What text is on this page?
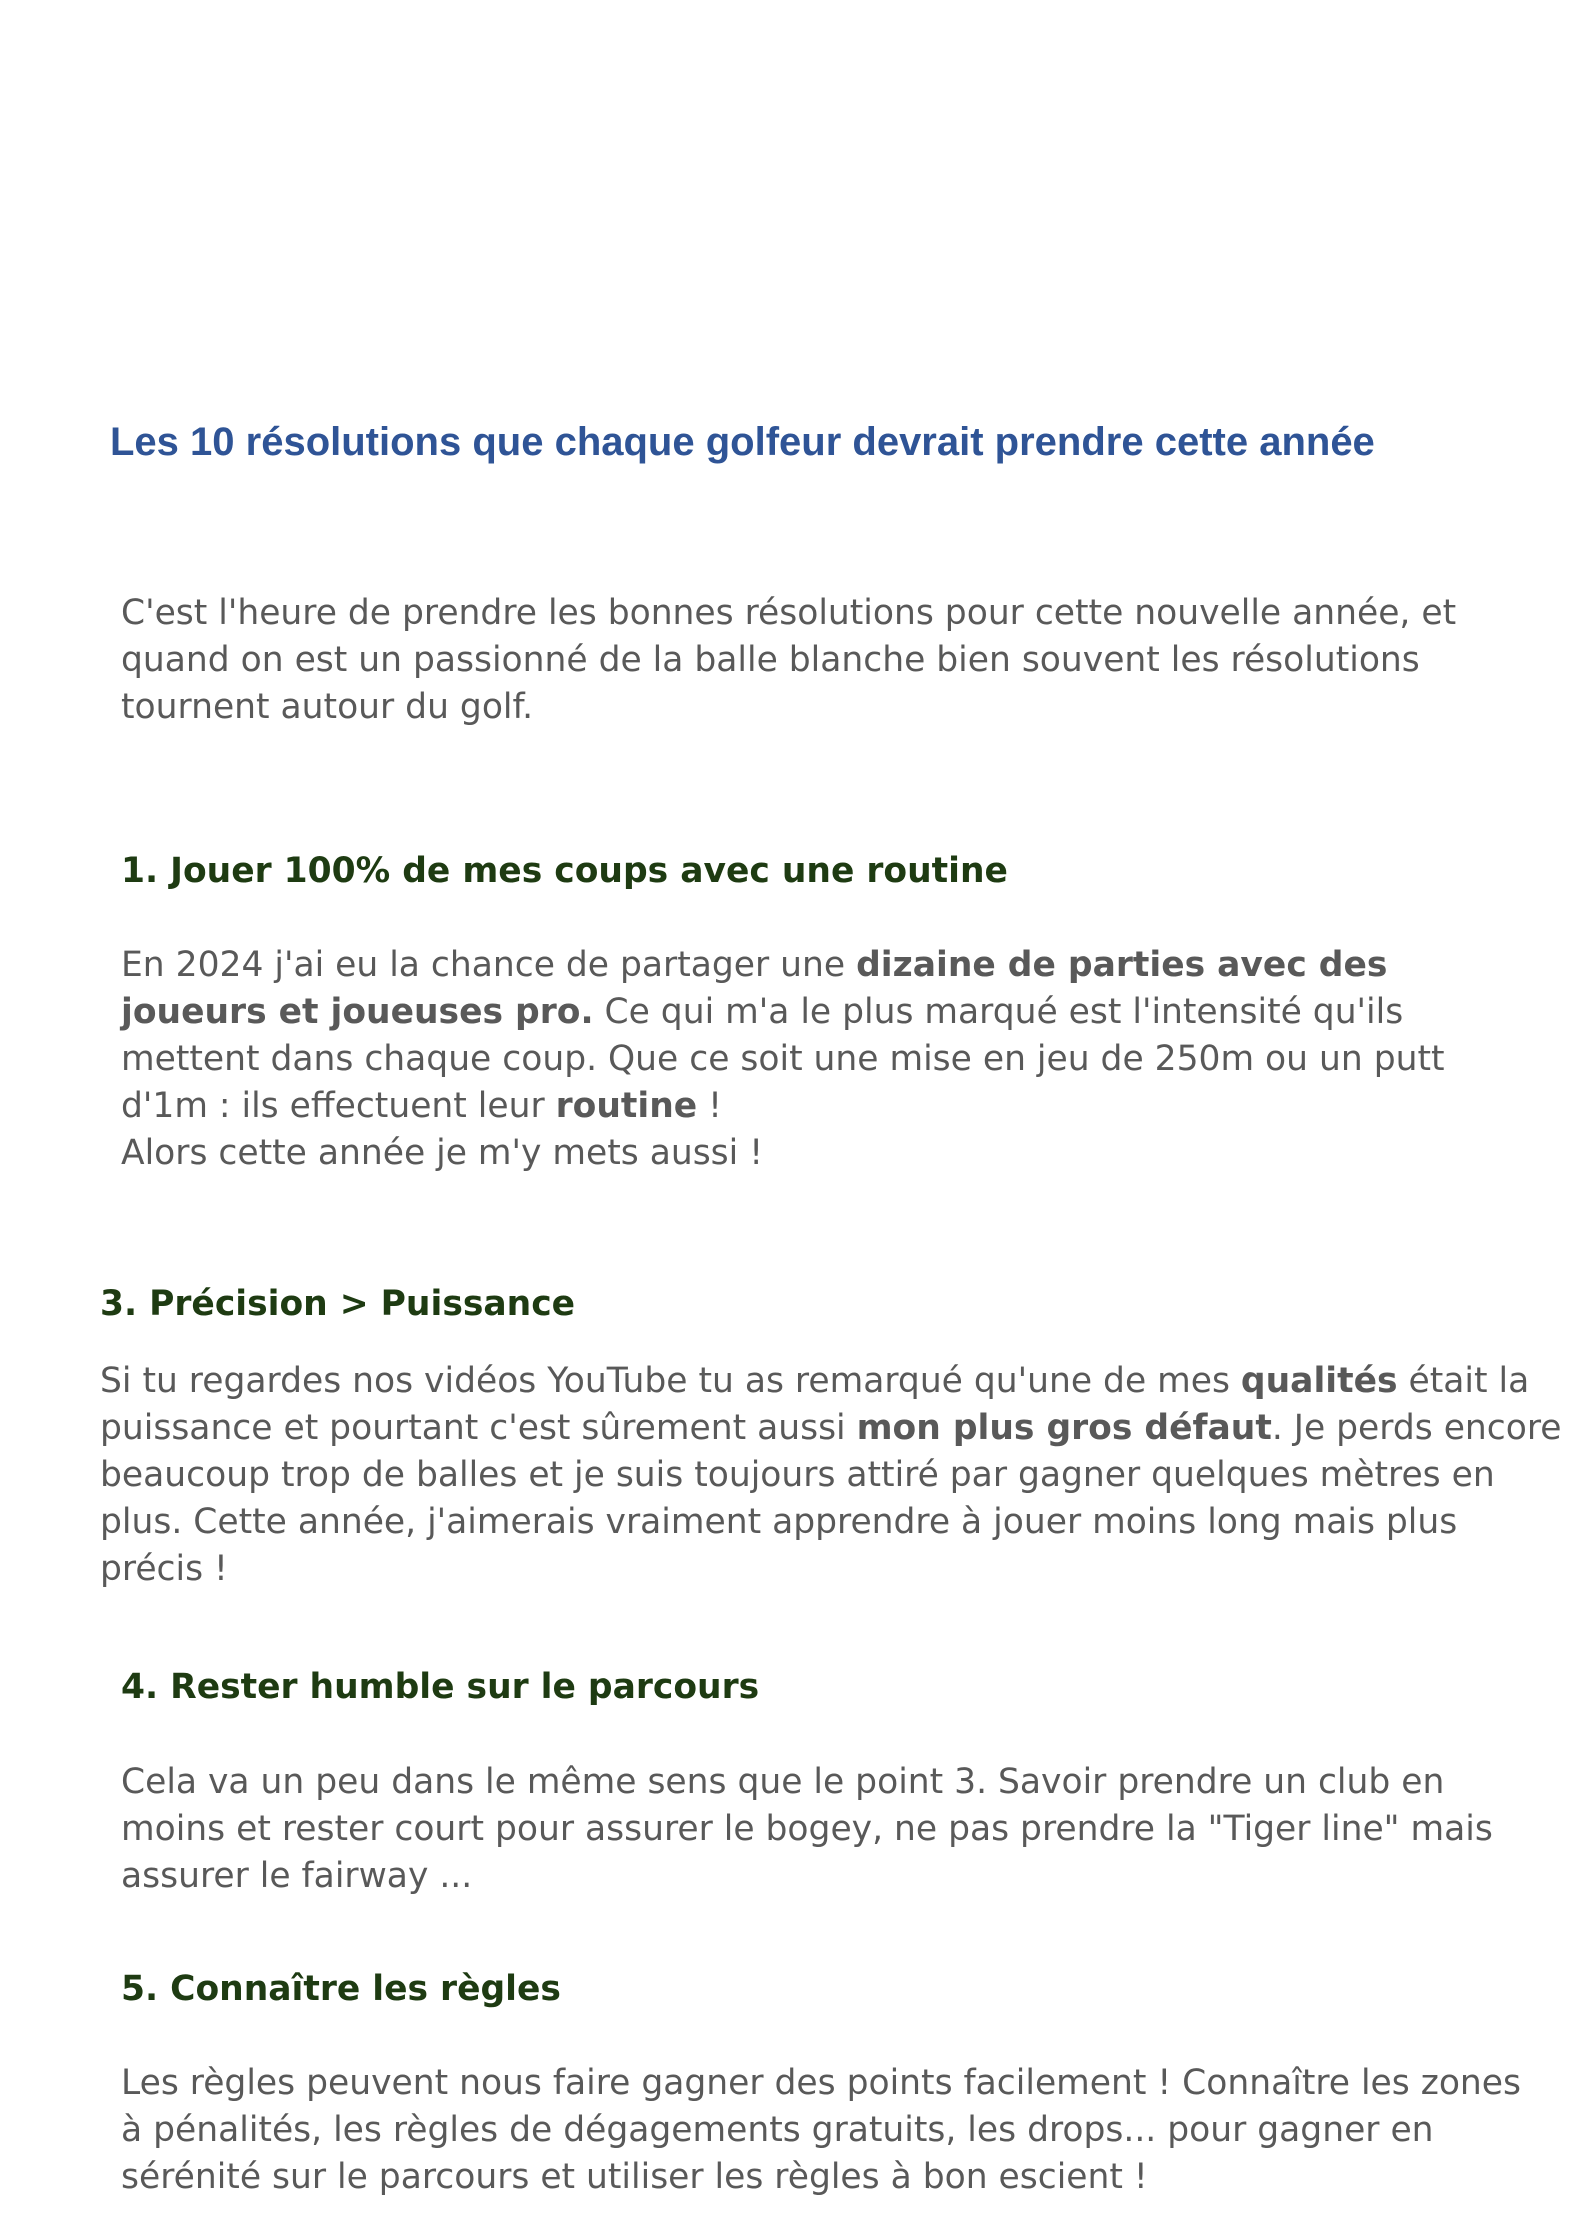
Les 10 résolutions que chaque golfeur devrait prendre cette année

C'est l'heure de prendre les bonnes résolutions pour cette nouvelle année, et
quand on est un passionné de la balle blanche bien souvent les résolutions
tournent autour du golf.

1. Jouer 100% de mes coups avec une routine

En 2024 j'ai eu la chance de partager une dizaine de parties avec des joueurs et joueuses pro. Ce qui m'a le plus marqué est l'intensité qu'ils mettent dans chaque coup. Que ce soit une mise en jeu de 250m ou un putt d'1m : ils effectuent leur routine !
Alors cette année je m'y mets aussi !

3. Précision > Puissance

Si tu regardes nos vidéos YouTube tu as remarqué qu'une de mes qualités était la puissance et pourtant c'est sûrement aussi mon plus gros défaut. Je perds encore beaucoup trop de balles et je suis toujours attiré par gagner quelques mètres en plus. Cette année, j'aimerais vraiment apprendre à jouer moins long mais plus précis !

4. Rester humble sur le parcours

Cela va un peu dans le même sens que le point 3. Savoir prendre un club en moins et rester court pour assurer le bogey, ne pas prendre la "Tiger line" mais assurer le fairway ...

5. Connaître les règles

Les règles peuvent nous faire gagner des points facilement ! Connaître les zones à pénalités, les règles de dégagements gratuits, les drops... pour gagner en sérénité sur le parcours et utiliser les règles à bon escient !
